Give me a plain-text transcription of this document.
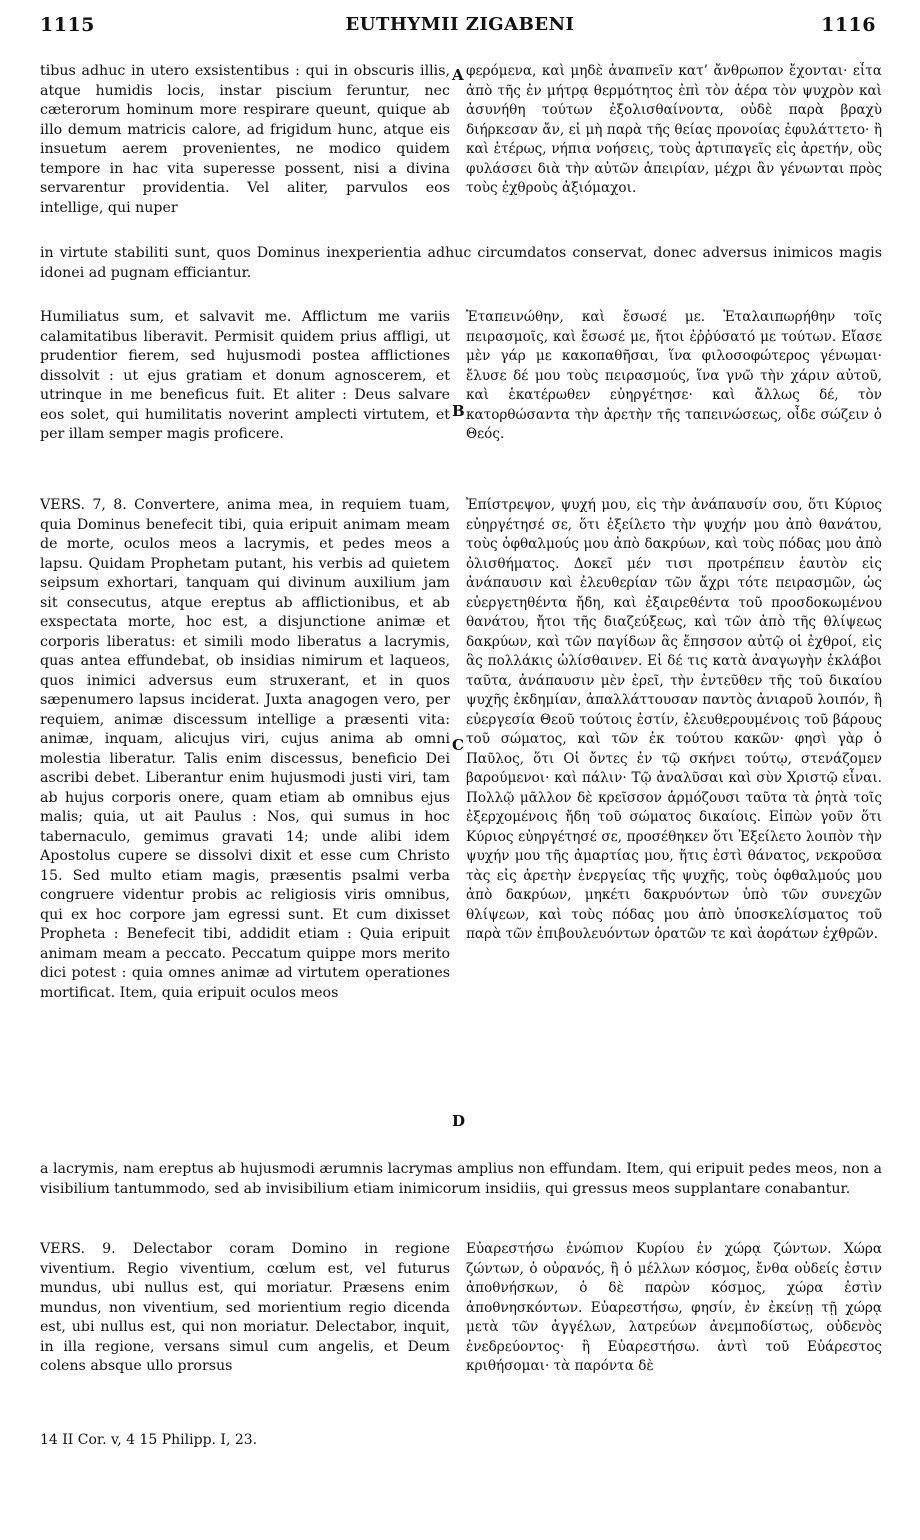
1115	EUTHYMII ZIGABENI	1116
tibus adhuc in utero exsistentibus : qui in obscuris illis, atque humidis locis, instar piscium feruntur, nec cæterorum hominum more respirare queunt, quique ab illo demum matricis calore, ad frigidum hunc, atque eis insuetum aerem provenientes, ne modico quidem tempore in hac vita superesse possent, nisi a divina servarentur providentia. Vel aliter, parvulos eos intellige, qui nuper
A φερόμενα, καὶ μηδὲ ἀναπνεῖν κατ’ ἄνθρωπον ἔχονται· εἶτα ἀπὸ τῆς ἐν μήτρᾳ θερμότητος ἐπὶ τὸν ἀέρα τὸν ψυχρὸν καὶ ἀσυνήθη τούτων ἐξολισθαίνοντα, οὐδὲ παρὰ βραχὺ διήρκεσαν ἄν, εἰ μὴ παρὰ τῆς θείας προνοίας ἐφυλάττετο· ἢ καὶ ἑτέρως, νήπια νοήσεις, τοὺς ἀρτιπαγεῖς εἰς ἀρετήν, οὓς φυλάσσει διὰ τὴν αὐτῶν ἀπειρίαν, μέχρι ἂν γένωνται πρὸς τοὺς ἐχθροὺς ἀξιόμαχοι.
in virtute stabiliti sunt, quos Dominus inexperientia adhuc circumdatos conservat, donec adversus inimicos magis idonei ad pugnam efficiantur.
Humiliatus sum, et salvavit me. Afflictum me variis calamitatibus liberavit. Permisit quidem prius affligi, ut prudentior fierem, sed hujusmodi postea afflictiones dissolvit : ut ejus gratiam et donum agnoscerem, et utrinque in me beneficus fuit. Et aliter : Deus salvare eos solet, qui humilitatis noverint amplecti virtutem, et per illam semper magis proficere.
B
Ἐταπεινώθην, καὶ ἔσωσέ με. Ἐταλαιπωρήθην τοῖς πειρασμοῖς, καὶ ἔσωσέ με, ἤτοι ἐῤῥύσατό με τούτων. Εἴασε μὲν γάρ με κακοπαθῆσαι, ἵνα φιλοσοφώτερος γένωμαι· ἔλυσε δέ μου τοὺς πειρασμούς, ἵνα γνῶ τὴν χάριν αὐτοῦ, καὶ ἑκατέρωθεν εὐηργέτησε· καὶ ἄλλως δέ, τὸν κατορθώσαντα τὴν ἀρετὴν τῆς ταπεινώσεως, οἶδε σώζειν ὁ Θεός.
VERS. 7, 8. Convertere, anima mea, in requiem tuam, quia Dominus benefecit tibi, quia eripuit animam meam de morte, oculos meos a lacrymis, et pedes meos a lapsu. Quidam Prophetam putant, his verbis ad quietem seipsum exhortari, tanquam qui divinum auxilium jam sit consecutus, atque ereptus ab afflictionibus, et ab exspectata morte, hoc est, a disjunctione animæ et corporis liberatus: et simili modo liberatus a lacrymis, quas antea effundebat, ob insidias nimirum et laqueos, quos inimici adversus eum struxerant, et in quos sæpenumero lapsus inciderat. Juxta anagogen vero, per requiem, animæ discessum intellige a præsenti vita: animæ, inquam, alicujus viri, cujus anima ab omni molestia liberatur. Talis enim discessus, beneficio Dei ascribi debet. Liberantur enim hujusmodi justi viri, tam ab hujus corporis onere, quam etiam ab omnibus ejus malis; quia, ut ait Paulus : Nos, qui sumus in hoc tabernaculo, gemimus gravati 14; unde alibi idem Apostolus cupere se dissolvi dixit et esse cum Christo 15. Sed multo etiam magis, præsentis psalmi verba congruere videntur probis ac religiosis viris omnibus, qui ex hoc corpore jam egressi sunt. Et cum dixisset Propheta : Benefecit tibi, addidit etiam : Quia eripuit animam meam a peccato. Peccatum quippe mors merito dici potest : quia omnes animæ ad virtutem operationes mortificat. Item, quia eripuit oculos meos
C
D
Ἐπίστρεψον, ψυχή μου, εἰς τὴν ἀνάπαυσίν σου, ὅτι Κύριος εὐηργέτησέ σε, ὅτι ἐξείλετο τὴν ψυχήν μου ἀπὸ θανάτου, τοὺς ὀφθαλμούς μου ἀπὸ δακρύων, καὶ τοὺς πόδας μου ἀπὸ ὀλισθήματος. Δοκεῖ μέν τισι προτρέπειν ἑαυτὸν εἰς ἀνάπαυσιν καὶ ἐλευθερίαν τῶν ἄχρι τότε πειρασμῶν, ὡς εὐεργετηθέντα ἤδη, καὶ ἐξαιρεθέντα τοῦ προσδοκωμένου θανάτου, ἤτοι τῆς διαζεύξεως, καὶ τῶν ἀπὸ τῆς θλίψεως δακρύων, καὶ τῶν παγίδων ἃς ἔπησσον αὐτῷ οἱ ἐχθροί, εἰς ἃς πολλάκις ὠλίσθαινεν. Εἰ δέ τις κατὰ ἀναγωγὴν ἐκλάβοι ταῦτα, ἀνάπαυσιν μὲν ἐρεῖ, τὴν ἐντεῦθεν τῆς τοῦ δικαίου ψυχῆς ἐκδημίαν, ἀπαλλάττουσαν παντὸς ἀνιαροῦ λοιπόν, ἣ εὐεργεσία Θεοῦ τούτοις ἐστίν, ἐλευθερουμένοις τοῦ βάρους τοῦ σώματος, καὶ τῶν ἐκ τούτου κακῶν· φησὶ γὰρ ὁ Παῦλος, ὅτι Οἱ ὄντες ἐν τῷ σκήνει τούτῳ, στενάζομεν βαρούμενοι· καὶ πάλιν· Τῷ ἀναλῦσαι καὶ σὺν Χριστῷ εἶναι. Πολλῷ μᾶλλον δὲ κρεῖσσον ἁρμόζουσι ταῦτα τὰ ῥητὰ τοῖς ἐξερχομένοις ἤδη τοῦ σώματος δικαίοις. Εἰπὼν γοῦν ὅτι Κύριος εὐηργέτησέ σε, προσέθηκεν ὅτι Ἐξείλετο λοιπὸν τὴν ψυχήν μου τῆς ἁμαρτίας μου, ἥτις ἐστὶ θάνατος, νεκροῦσα τὰς εἰς ἀρετὴν ἐνεργείας τῆς ψυχῆς, τοὺς ὀφθαλμούς μου ἀπὸ δακρύων, μηκέτι δακρυόντων ὑπὸ τῶν συνεχῶν θλίψεων, καὶ τοὺς πόδας μου ἀπὸ ὑποσκελίσματος τοῦ παρὰ τῶν ἐπιβουλευόντων ὁρατῶν τε καὶ ἀοράτων ἐχθρῶν.
a lacrymis, nam ereptus ab hujusmodi ærumnis lacrymas amplius non effundam. Item, qui eripuit pedes meos, non a visibilium tantummodo, sed ab invisibilium etiam inimicorum insidiis, qui gressus meos supplantare conabantur.
VERS. 9. Delectabor coram Domino in regione viventium. Regio viventium, cœlum est, vel futurus mundus, ubi nullus est, qui moriatur. Præsens enim mundus, non viventium, sed morientium regio dicenda est, ubi nullus est, qui non moriatur. Delectabor, inquit, in illa regione, versans simul cum angelis, et Deum colens absque ullo prorsus
Εὐαρεστήσω ἐνώπιον Κυρίου ἐν χώρᾳ ζώντων. Χώρα ζώντων, ὁ οὐρανός, ἢ ὁ μέλλων κόσμος, ἔνθα οὐδείς ἐστιν ἀποθνήσκων, ὁ δὲ παρὼν κόσμος, χώρα ἐστὶν ἀποθνησκόντων. Εὐαρεστήσω, φησίν, ἐν ἐκείνῃ τῇ χώρᾳ μετὰ τῶν ἀγγέλων, λατρεύων ἀνεμποδίστως, οὐδενὸς ἐνεδρεύοντος· ἢ Εὐαρεστήσω. ἀντὶ τοῦ Εὐάρεστος κριθήσομαι· τὰ παρόντα δὲ
14 II Cor. v, 4 15 Philipp. I, 23.
